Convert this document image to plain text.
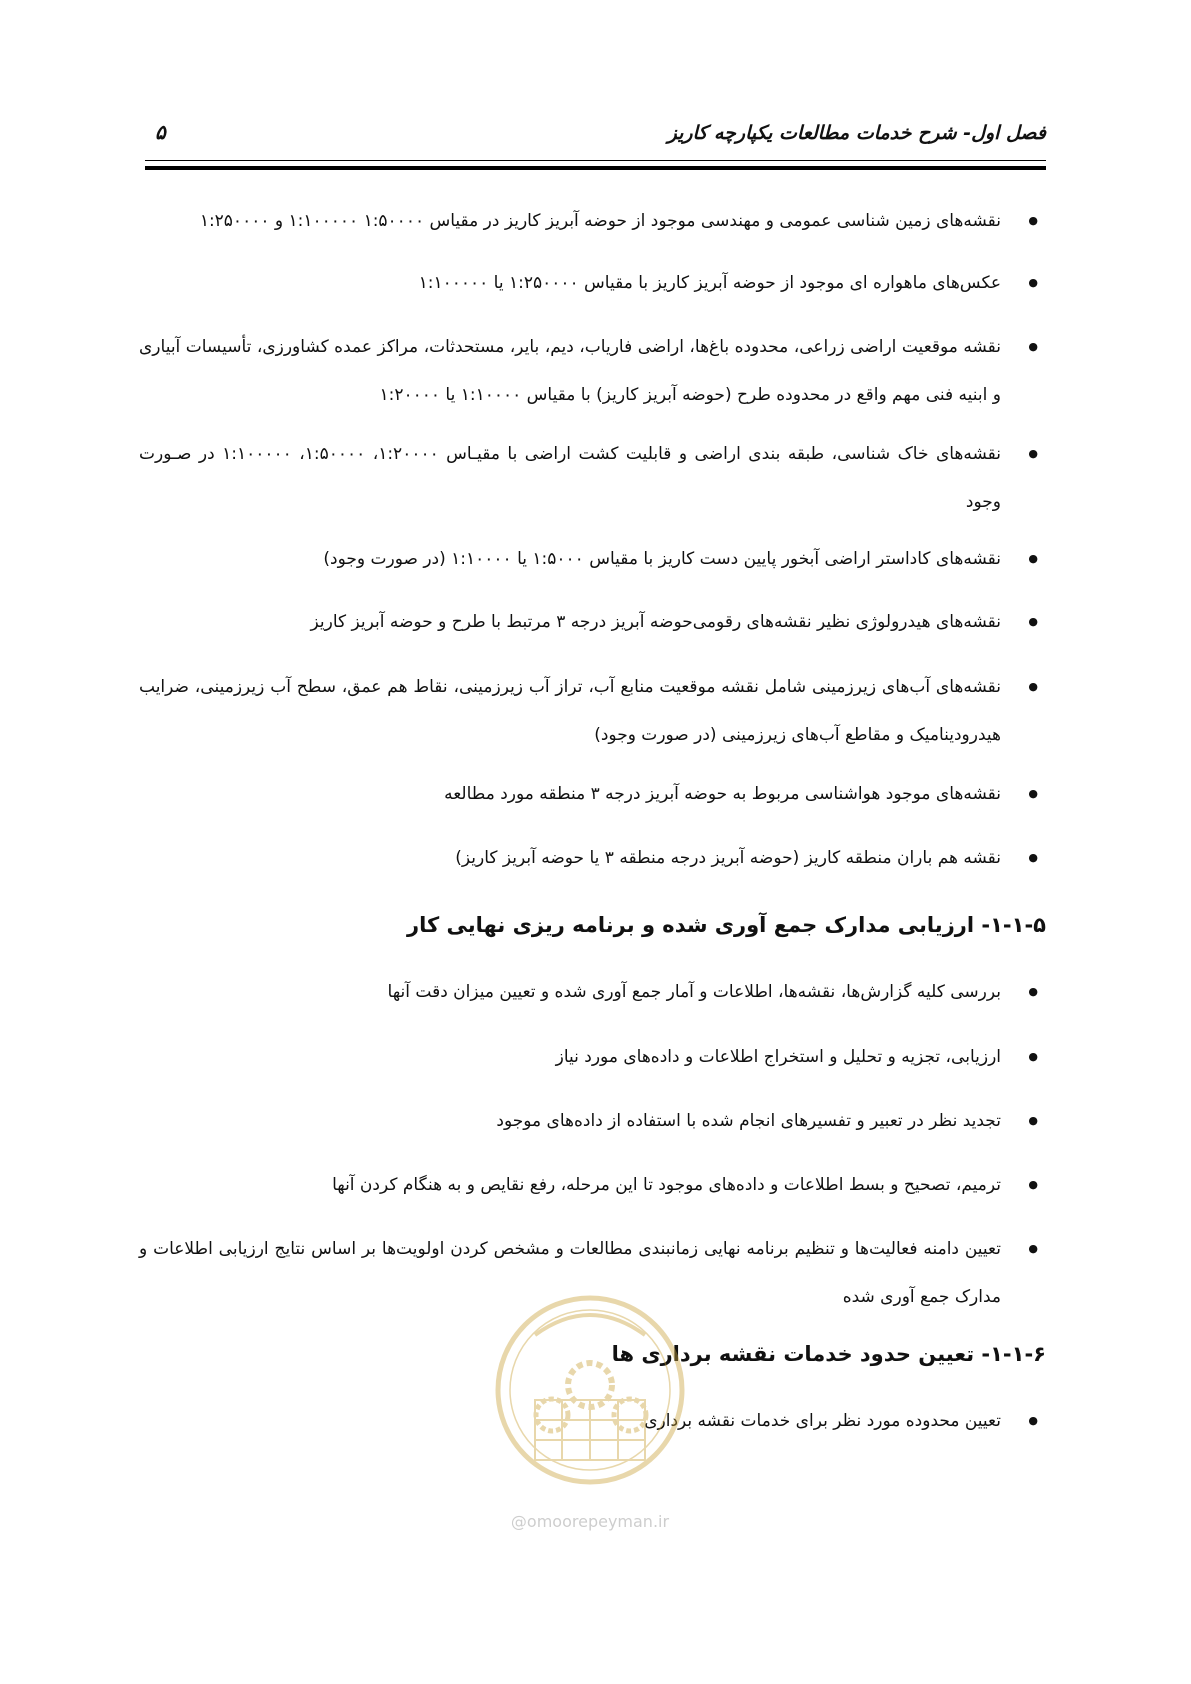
فصل اول- شرح خدمات مطالعات یکپارچه کاریز
۵
● نقشه‌های زمین شناسی عمومی و مهندسی موجود از حوضه آبریز کاریز در مقیاس ۱:۵۰۰۰۰ ۱:۱۰۰۰۰۰ و ۱:۲۵۰۰۰۰
● عکس‌های ماهواره ای موجود از حوضه آبریز کاریز با مقیاس ۱:۲۵۰۰۰۰ یا ۱:۱۰۰۰۰۰
● نقشه موقعیت اراضی زراعی، محدوده باغ‌ها، اراضی فاریاب، دیم، بایر، مستحدثات، مراکز عمده کشاورزی، تأسیسات آبیاری و ابنیه فنی مهم واقع در محدوده طرح (حوضه آبریز کاریز) با مقیاس ۱:۱۰۰۰۰ یا ۱:۲۰۰۰۰
● نقشه‌های خاک شناسی، طبقه بندی اراضی و قابلیت کشت اراضی با مقیـاس ۱:۲۰۰۰۰، ۱:۵۰۰۰۰، ۱:۱۰۰۰۰۰ در صـورت وجود
● نقشه‌های کاداستر اراضی آبخور پایین دست کاریز با مقیاس ۱:۵۰۰۰ یا ۱:۱۰۰۰۰ (در صورت وجود)
● نقشه‌های هیدرولوژی نظیر نقشه‌های رقومی‌حوضه آبریز درجه ۳ مرتبط با طرح و حوضه آبریز کاریز
● نقشه‌های آب‌های زیرزمینی شامل نقشه موقعیت منابع آب، تراز آب زیرزمینی، نقاط هم عمق، سطح آب زیرزمینی، ضرایب هیدرودینامیک و مقاطع آب‌های زیرزمینی (در صورت وجود)
● نقشه‌های موجود هواشناسی مربوط به حوضه آبریز درجه ۳ منطقه مورد مطالعه
● نقشه هم باران منطقه کاریز (حوضه آبریز درجه منطقه ۳ یا حوضه آبریز کاریز)
۱-۱-۵- ارزیابی مدارک جمع آوری شده و برنامه ریزی نهایی کار
● بررسی کلیه گزارش‌ها، نقشه‌ها، اطلاعات و آمار جمع آوری شده و تعیین میزان دقت آنها
● ارزیابی، تجزیه و تحلیل و استخراج اطلاعات و داده‌های مورد نیاز
● تجدید نظر در تعبیر و تفسیرهای انجام شده با استفاده از داده‌های موجود
● ترمیم، تصحیح و بسط اطلاعات و داده‌های موجود تا این مرحله، رفع نقایص و به هنگام کردن آنها
● تعیین دامنه فعالیت‌ها و تنظیم برنامه نهایی زمانبندی مطالعات و مشخص کردن اولویت‌ها بر اساس نتایج ارزیابی اطلاعات و مدارک جمع آوری شده
۱-۱-۶- تعیین حدود خدمات نقشه برداری ها
● تعیین محدوده مورد نظر برای خدمات نقشه برداری
@omoorepeyman.ir
